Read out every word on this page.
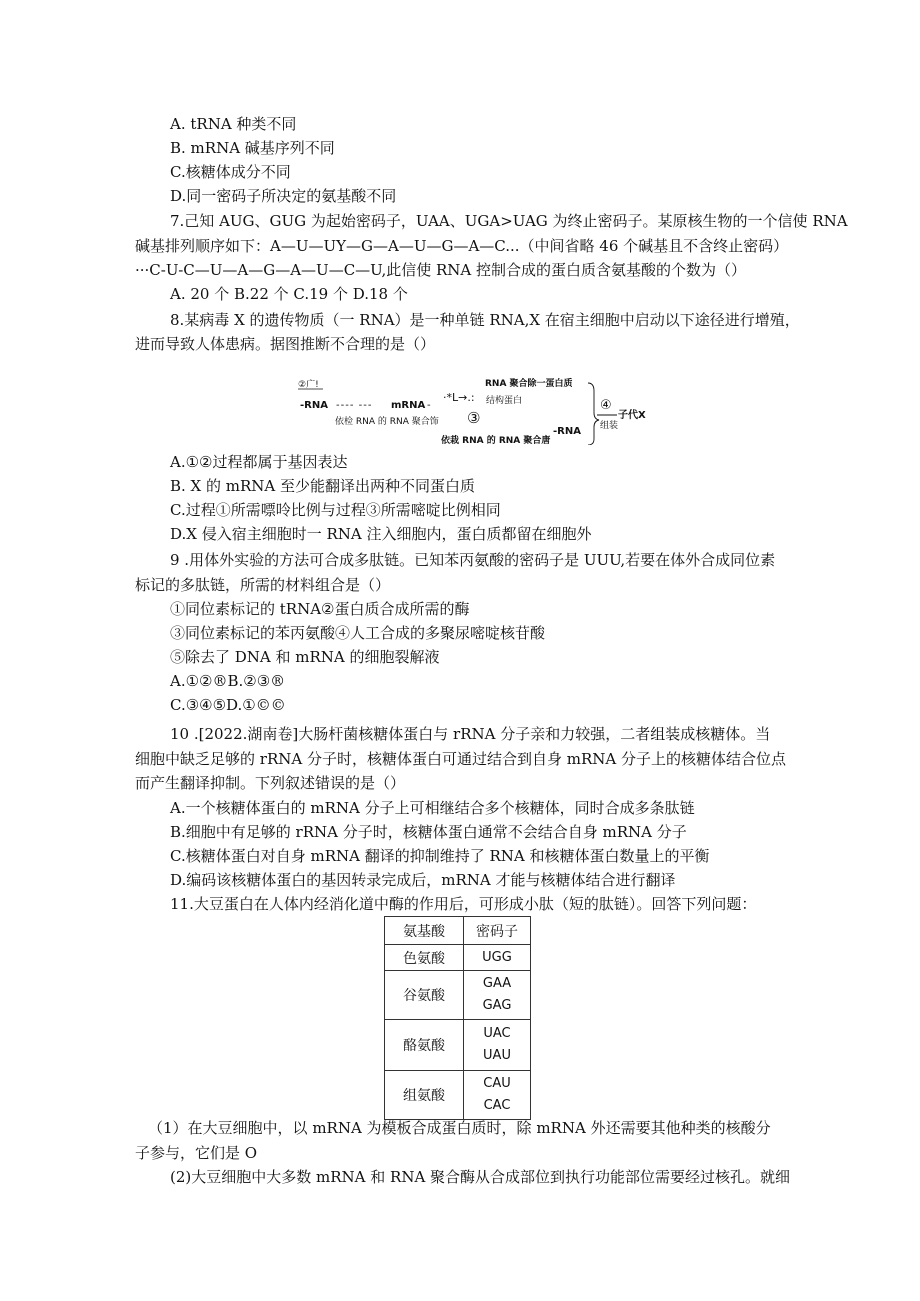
A. tRNA 种类不同
B. mRNA 碱基序列不同
C.核糖体成分不同
D.同一密码子所决定的氨基酸不同
7.己知 AUG、GUG 为起始密码子，UAA、UGA>UAG 为终止密码子。某原核生物的一个信使 RNA
碱基排列顺序如下：A—U—UY—G—A—U—G—A—C...（中间省略 46 个碱基且不含终止密码）
···C-U-C—U—A—G—A—U—C—U,此信使 RNA 控制合成的蛋白质含氨基酸的个数为（）
A. 20 个 B.22 个 C.19 个 D.18 个
8.某病毒 X 的遗传物质（一 RNA）是一种单链 RNA,X 在宿主细胞中启动以下途径进行增殖，
进而导致人体患病。据图推断不合理的是（）
②广!
-RNA ---- --- mRNA -
依检 RNA 的 RNA 聚合饰
·*L→.:
③
RNA 聚合除一蛋白质
结构蛋白
依栽 RNA 的 RNA 聚合唐
-RNA
④
组装
子代X
A.①②过程都属于基因表达
B. X 的 mRNA 至少能翻译出两种不同蛋白质
C.过程①所需嘌呤比例与过程③所需嘧啶比例相同
D.X 侵入宿主细胞时一 RNA 注入细胞内，蛋白质都留在细胞外
9 .用体外实验的方法可合成多肽链。已知苯丙氨酸的密码子是 UUU,若要在体外合成同位素
标记的多肽链，所需的材料组合是（）
①同位素标记的 tRNA②蛋白质合成所需的酶
③同位素标记的苯丙氨酸④人工合成的多聚尿嘧啶核苷酸
⑤除去了 DNA 和 mRNA 的细胞裂解液
A.①②®B.②③®
C.③④⑤D.①©©
10 .[2022.湖南卷]大肠杆菌核糖体蛋白与 rRNA 分子亲和力较强，二者组装成核糖体。当
细胞中缺乏足够的 rRNA 分子时，核糖体蛋白可通过结合到自身 mRNA 分子上的核糖体结合位点
而产生翻译抑制。下列叙述错误的是（）
A.一个核糖体蛋白的 mRNA 分子上可相继结合多个核糖体，同时合成多条肽链
B.细胞中有足够的 rRNA 分子时，核糖体蛋白通常不会结合自身 mRNA 分子
C.核糖体蛋白对自身 mRNA 翻译的抑制维持了 RNA 和核糖体蛋白数量上的平衡
D.编码该核糖体蛋白的基因转录完成后，mRNA 才能与核糖体结合进行翻译
11.大豆蛋白在人体内经消化道中酶的作用后，可形成小肽（短的肽链）。回答下列问题：
氨基酸	密码子
色氨酸	UGG

谷氨酸	GAA
GAG

酪氨酸	UAC
UAU

组氨酸	CAU
CAC
（1）在大豆细胞中，以 mRNA 为模板合成蛋白质时，除 mRNA 外还需要其他种类的核酸分
子参与，它们是 O
(2)大豆细胞中大多数 mRNA 和 RNA 聚合酶从合成部位到执行功能部位需要经过核孔。就细
